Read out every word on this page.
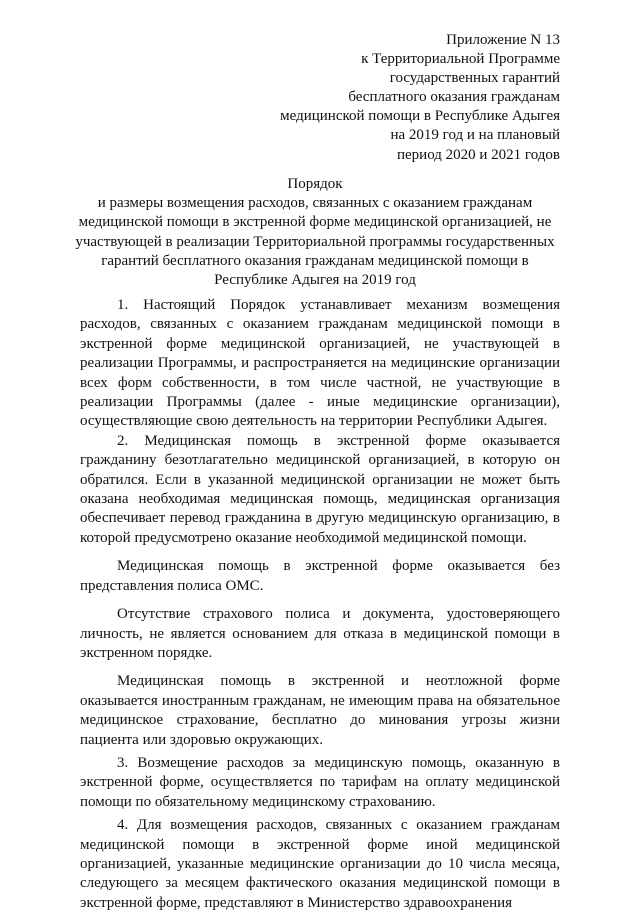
Приложение N 13
к Территориальной Программе
государственных гарантий
бесплатного оказания гражданам
медицинской помощи в Республике Адыгея
на 2019 год и на плановый
период 2020 и 2021 годов
Порядок
и размеры возмещения расходов, связанных с оказанием гражданам
медицинской помощи в экстренной форме медицинской организацией, не
участвующей в реализации Территориальной программы государственных
гарантий бесплатного оказания гражданам медицинской помощи в
Республике Адыгея на 2019 год

1. Настоящий Порядок устанавливает механизм возмещения расходов, связанных с оказанием гражданам медицинской помощи в экстренной форме медицинской организацией, не участвующей в реализации Программы, и распространяется на медицинские организации всех форм собственности, в том числе частной, не участвующие в реализации Программы (далее - иные медицинские организации), осуществляющие свою деятельность на территории Республики Адыгея.

2. Медицинская помощь в экстренной форме оказывается гражданину безотлагательно медицинской организацией, в которую он обратился. Если в указанной медицинской организации не может быть оказана необходимая медицинская помощь, медицинская организация обеспечивает перевод гражданина в другую медицинскую организацию, в которой предусмотрено оказание необходимой медицинской помощи.

Медицинская помощь в экстренной форме оказывается без представления полиса ОМС.

Отсутствие страхового полиса и документа, удостоверяющего личность, не является основанием для отказа в медицинской помощи в экстренном порядке.

Медицинская помощь в экстренной и неотложной форме оказывается иностранным гражданам, не имеющим права на обязательное медицинское страхование, бесплатно до минования угрозы жизни пациента или здоровью окружающих.

3. Возмещение расходов за медицинскую помощь, оказанную в экстренной форме, осуществляется по тарифам на оплату медицинской помощи по обязательному медицинскому страхованию.

4. Для возмещения расходов, связанных с оказанием гражданам медицинской помощи в экстренной форме иной медицинской организацией, указанные медицинские организации до 10 числа месяца, следующего за месяцем фактического оказания медицинской помощи в экстренной форме, представляют в Министерство здравоохранения
